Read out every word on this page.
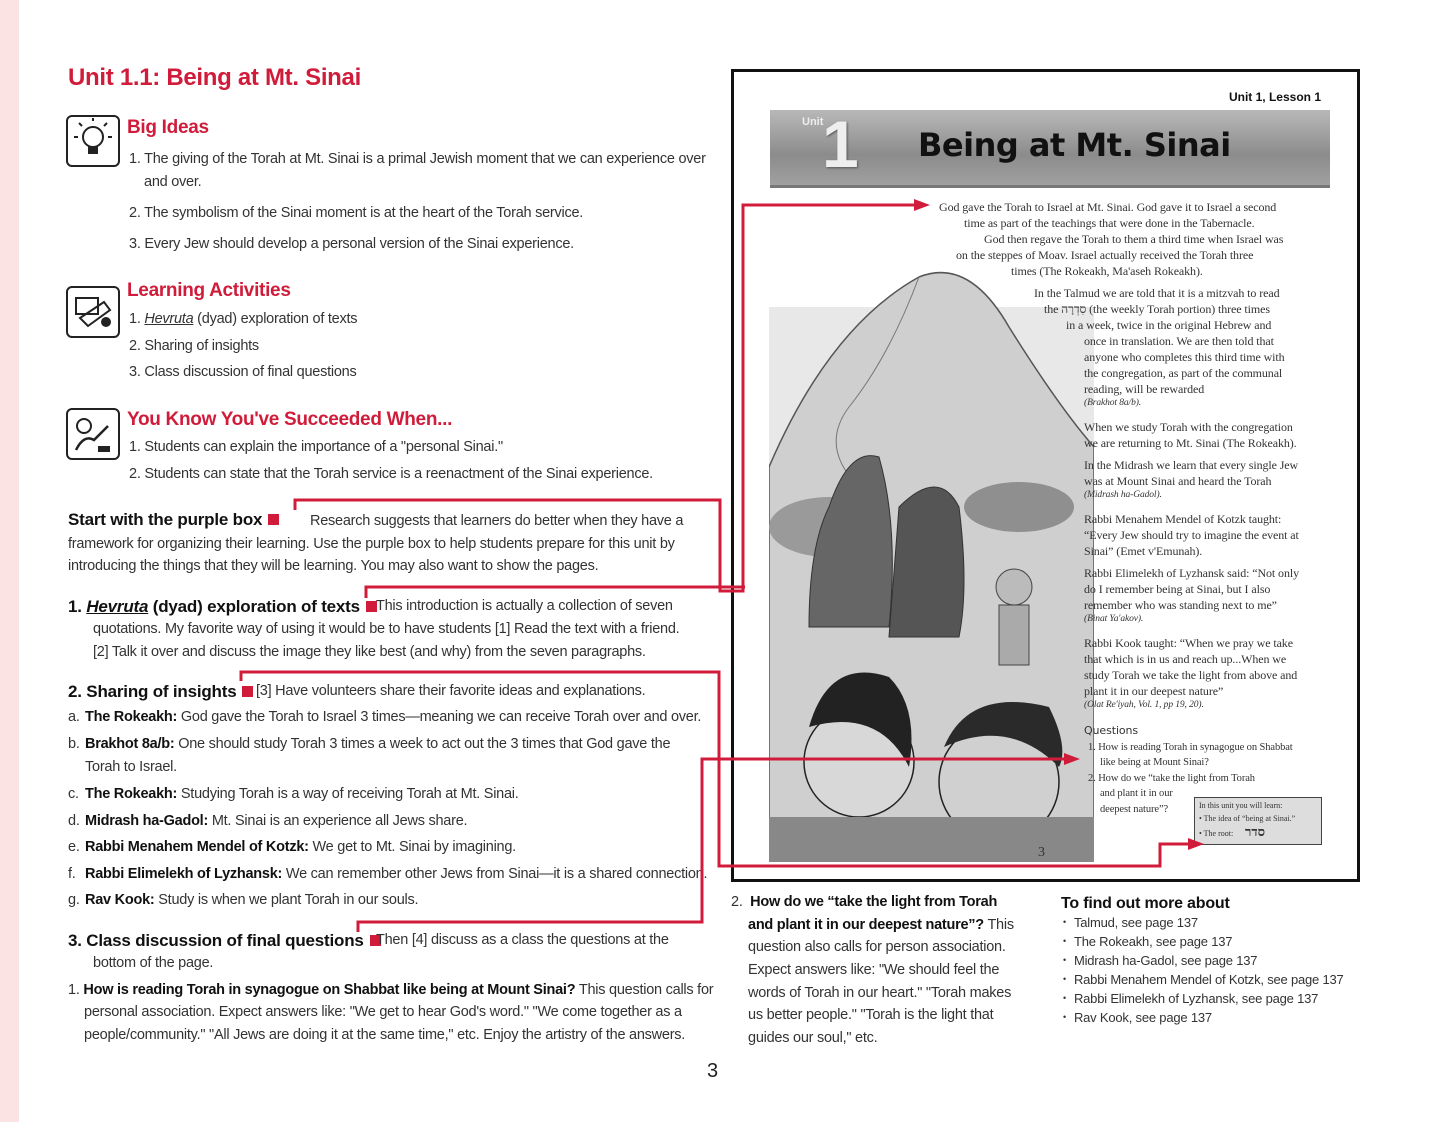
Unit 1.1: Being at Mt. Sinai
Big Ideas
1. The giving of the Torah at Mt. Sinai is a primal Jewish moment that we can experience over
and over.
2. The symbolism of the Sinai moment is at the heart of the Torah service.
3. Every Jew should develop a personal version of the Sinai experience.
Learning Activities
1. Hevruta (dyad) exploration of texts
2. Sharing of insights
3. Class discussion of final questions
You Know You've Succeeded When...
1. Students can explain the importance of a "personal Sinai."
2. Students can state that the Torah service is a reenactment of the Sinai experience.
Start with the purple box	Research suggests that learners do better when they have a
framework for organizing their learning. Use the purple box to help students prepare for this unit by
introducing the things that they will be learning. You may also want to show the pages.
1. Hevruta (dyad) exploration of texts	This introduction is actually a collection of seven
quotations. My favorite way of using it would be to have students [1] Read the text with a friend.
[2] Talk it over and discuss the image they like best (and why) from the seven paragraphs.
2. Sharing of insights	[3] Have volunteers share their favorite ideas and explanations.
a. The Rokeakh: God gave the Torah to Israel 3 times—meaning we can receive Torah over and over.
b. Brakhot 8a/b: One should study Torah 3 times a week to act out the 3 times that God gave the
Torah to Israel.
c. The Rokeakh: Studying Torah is a way of receiving Torah at Mt. Sinai.
d. Midrash ha-Gadol: Mt. Sinai is an experience all Jews share.
e. Rabbi Menahem Mendel of Kotzk: We get to Mt. Sinai by imagining.
f. Rabbi Elimelekh of Lyzhansk: We can remember other Jews from Sinai—it is a shared connection.
g. Rav Kook: Study is when we plant Torah in our souls.
3. Class discussion of final questions Then [4] discuss as a class the questions at the
bottom of the page.
1. How is reading Torah in synagogue on Shabbat like being at Mount Sinai? This question calls for
personal association. Expect answers like: "We get to hear God's word." "We come together as a
people/community." "All Jews are doing it at the same time," etc. Enjoy the artistry of the answers.
Unit 1, Lesson 1
Unit
1 Being at Mt. Sinai
God gave the Torah to Israel at Mt. Sinai. God gave it to Israel a second
time as part of the teachings that were done in the Tabernacle.
God then regave the Torah to them a third time when Israel was
on the steppes of Moav. Israel actually received the Torah three
times (The Rokeakh, Ma'aseh Rokeakh).
In the Talmud we are told that it is a mitzvah to read
the סִדְרָה (the weekly Torah portion) three times
in a week, twice in the original Hebrew and
once in translation. We are then told that
anyone who completes this third time with
the congregation, as part of the communal
reading, will be rewarded
(Brakhot 8a/b).
When we study Torah with the congregation
we are returning to Mt. Sinai (The Rokeakh).
In the Midrash we learn that every single Jew
was at Mount Sinai and heard the Torah
(Midrash ha-Gadol).
Rabbi Menahem Mendel of Kotzk taught:
“Every Jew should try to imagine the event at
Sinai” (Emet v'Emunah).
Rabbi Elimelekh of Lyzhansk said: “Not only
do I remember being at Sinai, but I also
remember who was standing next to me”
(Binat Ya'akov).
Rabbi Kook taught: “When we pray we take
that which is in us and reach up...When we
study Torah we take the light from above and
plant it in our deepest nature”
(Olat Re'iyah, Vol. 1, pp 19, 20).
Questions
1. How is reading Torah in synagogue on Shabbat
like being at Mount Sinai?
2. How do we “take the light from Torah
and plant it in our
deepest nature”?	In this unit you will learn:
• The idea of “being at Sinai.”
• The root: סדר
3
2.  How do we “take the light from Torah
and plant it in our deepest nature”? This
question also calls for person association.
Expect answers like: "We should feel the
words of Torah in our heart." "Torah makes
us better people." "Torah is the light that
guides our soul," etc.
To find out more about
• Talmud, see page 137
• The Rokeakh, see page 137
• Midrash ha-Gadol, see page 137
• Rabbi Menahem Mendel of Kotzk, see page 137
• Rabbi Elimelekh of Lyzhansk, see page 137
• Rav Kook, see page 137
3
